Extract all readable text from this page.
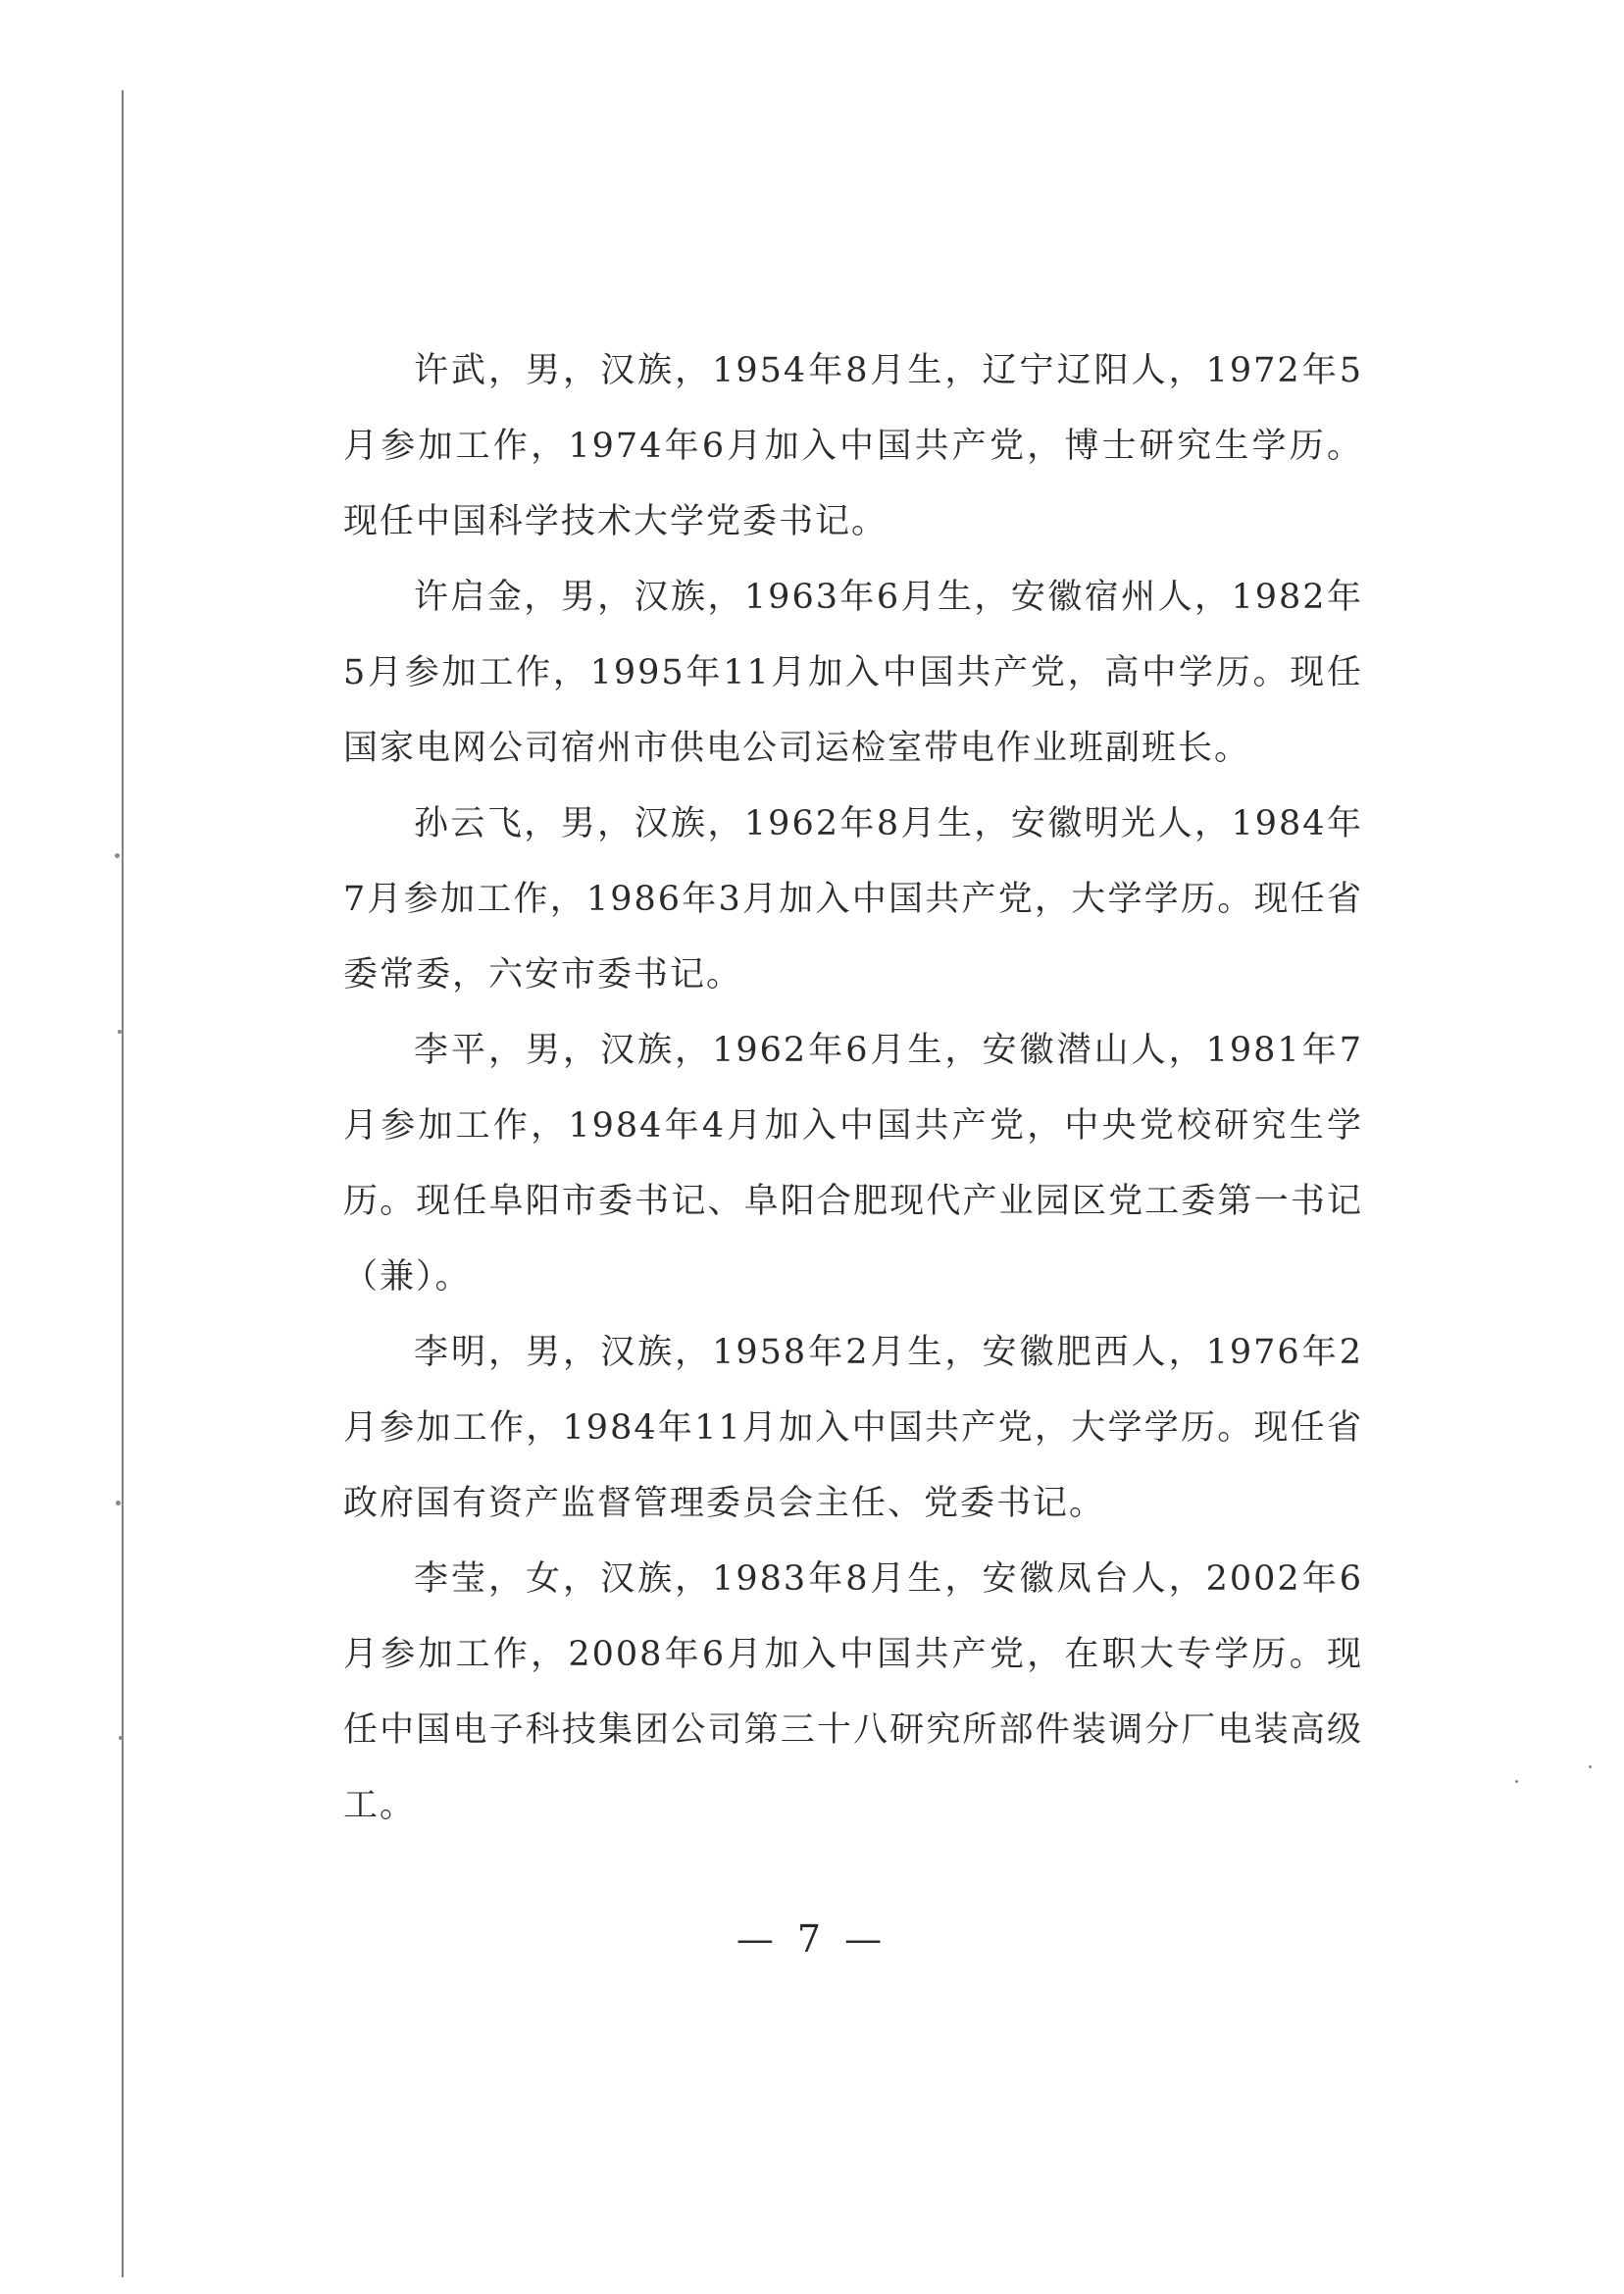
许武，男，汉族，1954年8月生，辽宁辽阳人，1972年5月参加工作，1974年6月加入中国共产党，博士研究生学历。现任中国科学技术大学党委书记。

许启金，男，汉族，1963年6月生，安徽宿州人，1982年5月参加工作，1995年11月加入中国共产党，高中学历。现任国家电网公司宿州市供电公司运检室带电作业班副班长。

孙云飞，男，汉族，1962年8月生，安徽明光人，1984年7月参加工作，1986年3月加入中国共产党，大学学历。现任省委常委，六安市委书记。

李平，男，汉族，1962年6月生，安徽潜山人，1981年7月参加工作，1984年4月加入中国共产党，中央党校研究生学历。现任阜阳市委书记、阜阳合肥现代产业园区党工委第一书记（兼）。

李明，男，汉族，1958年2月生，安徽肥西人，1976年2月参加工作，1984年11月加入中国共产党，大学学历。现任省政府国有资产监督管理委员会主任、党委书记。

李莹，女，汉族，1983年8月生，安徽凤台人，2002年6月参加工作，2008年6月加入中国共产党，在职大专学历。现任中国电子科技集团公司第三十八研究所部件装调分厂电装高级工。

— 7 —
